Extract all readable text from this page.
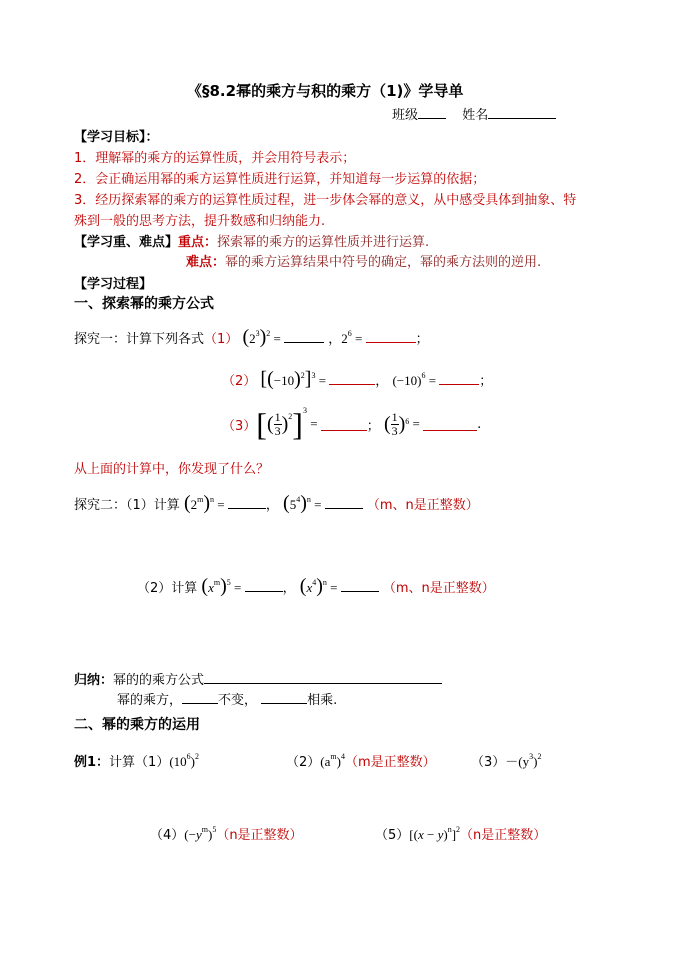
《§8.2幂的乘方与积的乘方（1)》学导单
班级	姓名
【学习目标】：
1．理解幂的乘方的运算性质，并会用符号表示；
2．会正确运用幂的乘方运算性质进行运算，并知道每一步运算的依据；
3．经历探索幂的乘方的运算性质过程，进一步体会幂的意义，从中感受具体到抽象、特
殊到一般的思考方法，提升数感和归纳能力.
【学习重、难点】重点：探索幂的乘方的运算性质并进行运算.
难点：幂的乘方运算结果中符号的确定，幂的乘方法则的逆用.
【学习过程】
一、探索幂的乘方公式
探究一：计算下列各式（1） $(2^3)^2$ =	，$2^6$ =	；
（2） $[(-10)^2]^3$ =	， $(-10)^6$ =	；
（3） [ ( $\frac{1}{3} )^2$ ]$^3$
=	；
( $\frac{1}{3} )^6$ =	.
从上面的计算中，你发现了什么？
探究二：（1）计算 $(2^m)^n$ =	， $(5^4)^n$ =	（m、n是正整数）
（2）计算 $(x^m)^5$ =	， $(x^4)^n$ =	（m、n是正整数）
归纳：幂的的乘方公式
幂的乘方，	不变，	相乘.
二、幂的乘方的运用
例1：计算$(1)(10^6)^2$	$(2)(a^m)^4(m$是正整数）	$(3)-(y^3)^2$
$(4)(-y^m)^5(n$是正整数）	$(5)[(x - y)^n]^2(n$是正整数）
